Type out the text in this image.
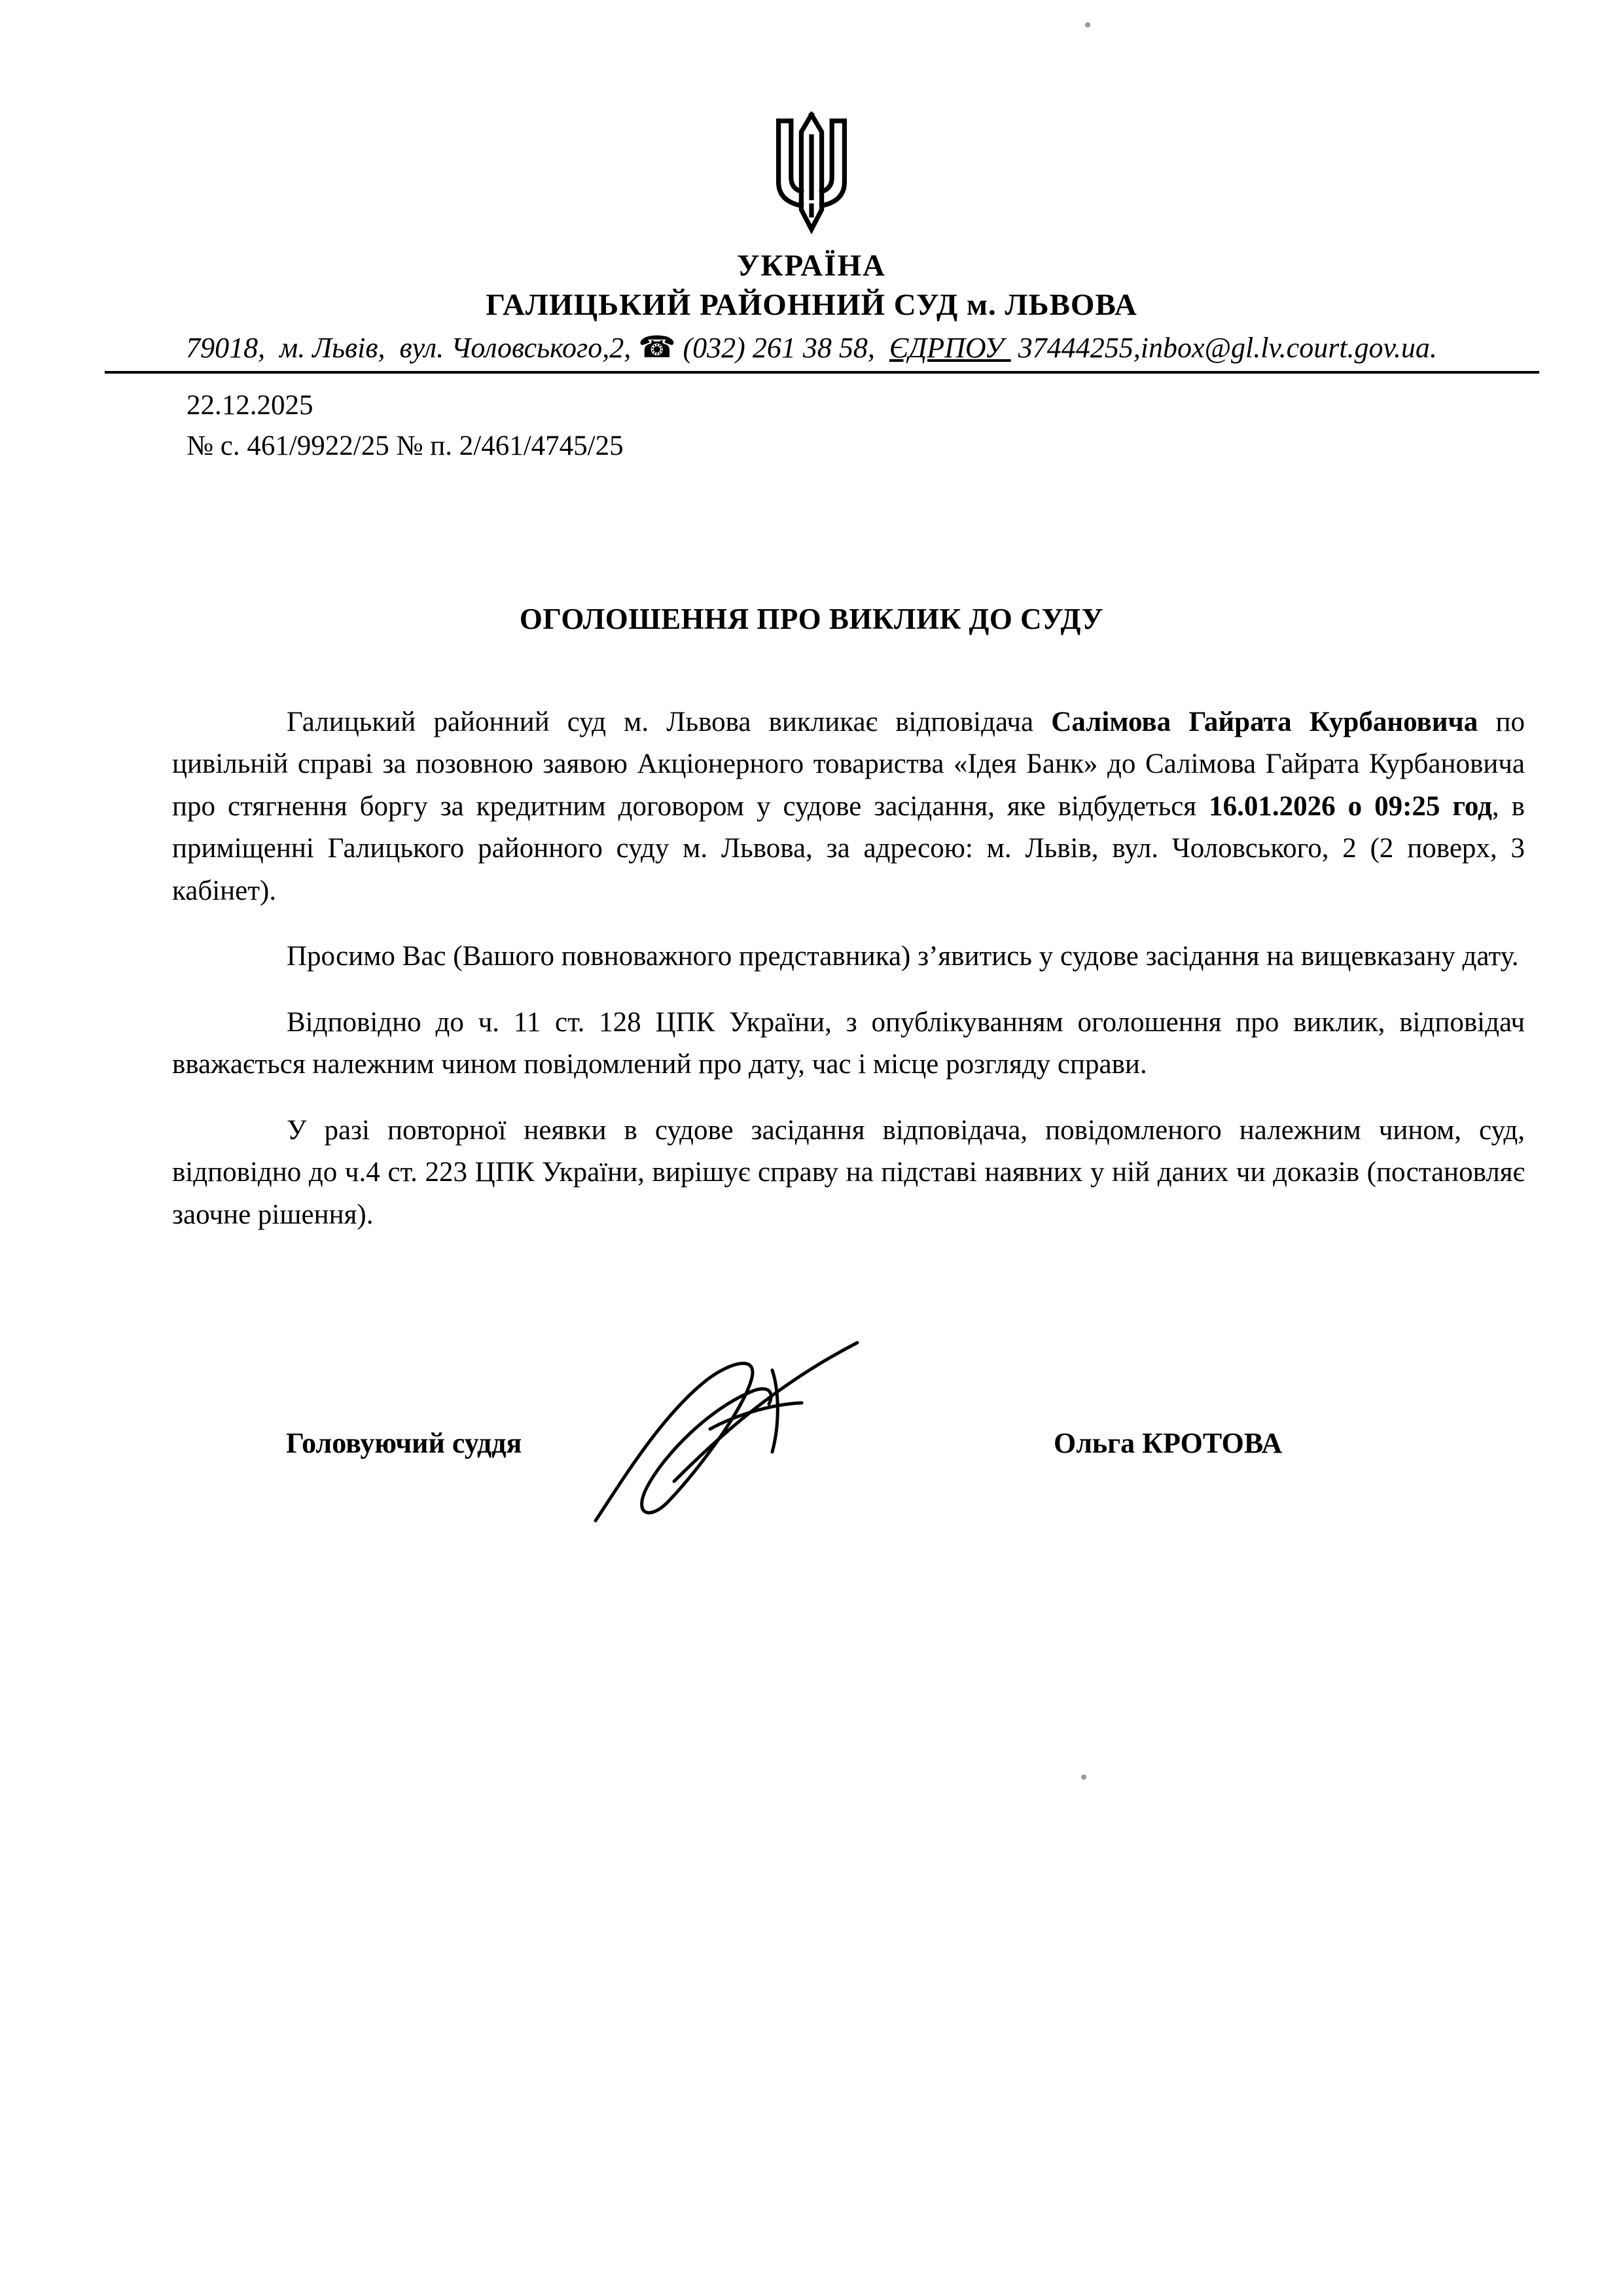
УКРАЇНА
ГАЛИЦЬКИЙ РАЙОННИЙ СУД м. ЛЬВОВА
79018,  м. Львів,  вул. Чоловського,2, ☎ (032) 261 38 58,  ЄДРПОУ  37444255,inbox@gl.lv.court.gov.ua.
22.12.2025
№ с. 461/9922/25 № п. 2/461/4745/25
ОГОЛОШЕННЯ ПРО ВИКЛИК ДО СУДУ

Галицький районний суд м. Львова викликає відповідача Салімова Гайрата Курбановича по цивільній справі за позовною заявою Акціонерного товариства «Ідея Банк» до Салімова Гайрата Курбановича про стягнення боргу за кредитним договором у судове засідання, яке відбудеться 16.01.2026 о 09:25 год, в приміщенні Галицького районного суду м. Львова, за адресою: м. Львів, вул. Чоловського, 2 (2 поверх, 3 кабінет).

Просимо Вас (Вашого повноважного представника) з’явитись у судове засідання на вищевказану дату.

Відповідно до ч. 11 ст. 128 ЦПК України, з опублікуванням оголошення про виклик, відповідач вважається належним чином повідомлений про дату, час і місце розгляду справи.

У разі повторної неявки в судове засідання відповідача, повідомленого належним чином, суд, відповідно до ч.4 ст. 223 ЦПК України, вирішує справу на підставі наявних у ній даних чи доказів (постановляє заочне рішення).

Головуючий суддя	Ольга КРОТОВА
